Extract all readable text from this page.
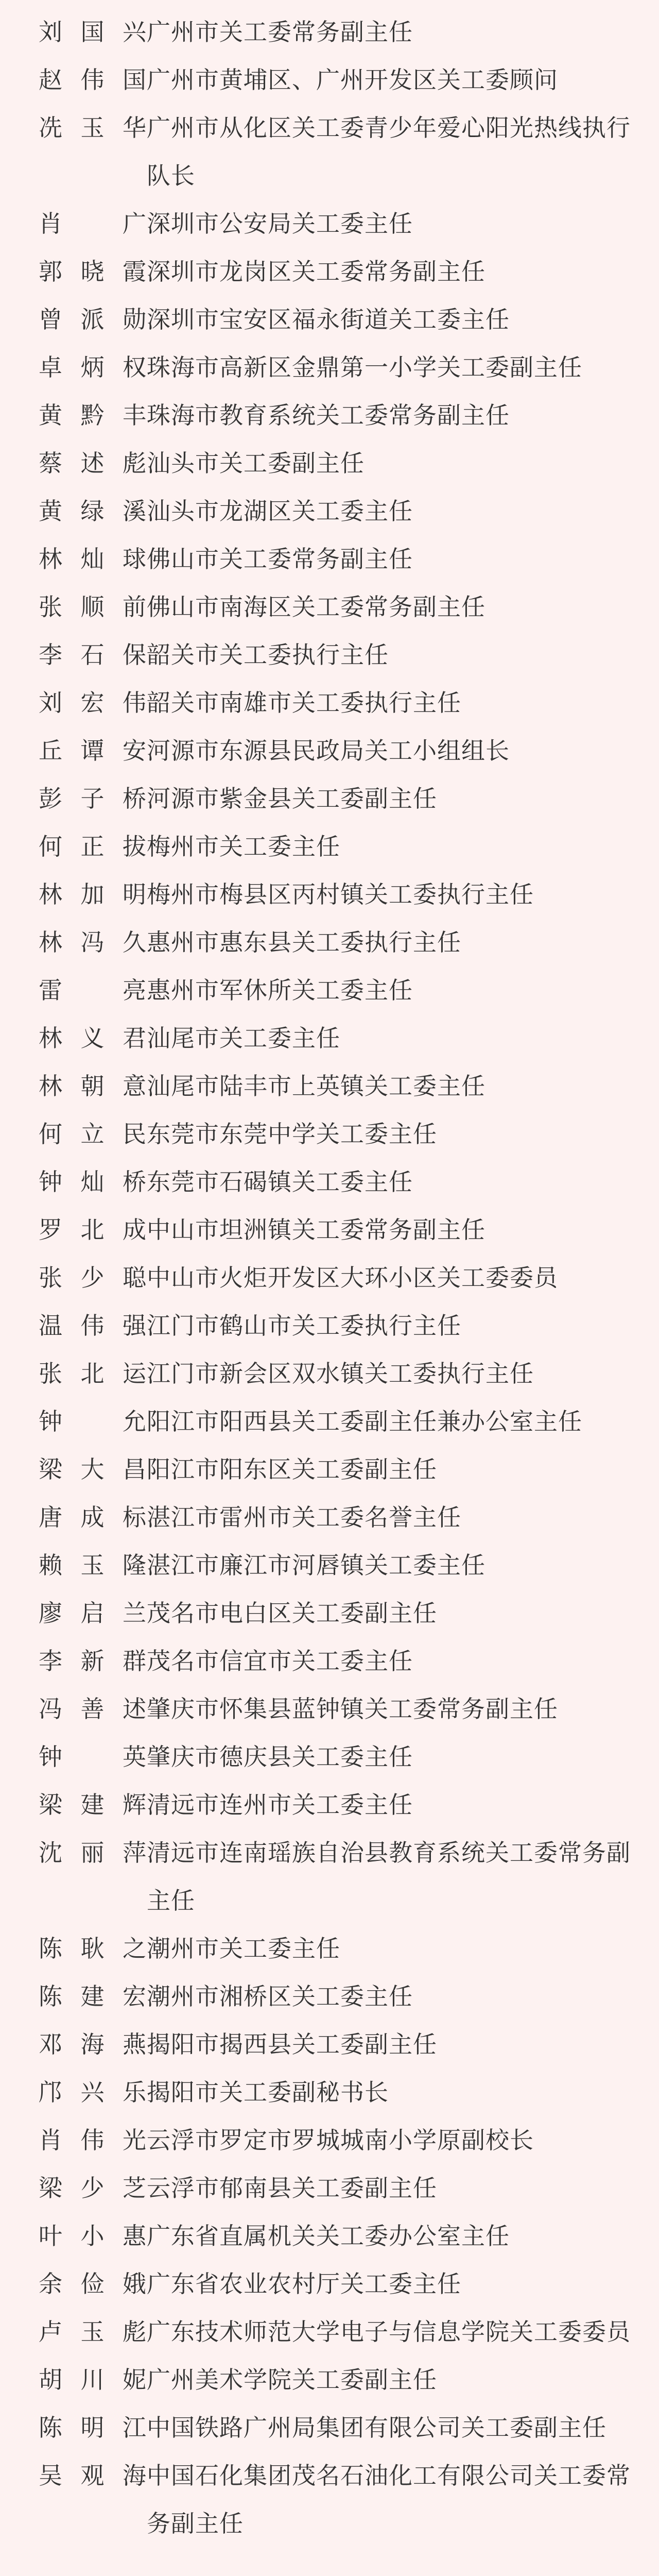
刘国兴 广州市关工委常务副主任
赵伟国 广州市黄埔区、广州开发区关工委顾问
冼玉华 广州市从化区关工委青少年爱心阳光热线执行队长
肖　广 深圳市公安局关工委主任
郭晓霞 深圳市龙岗区关工委常务副主任
曾派勋 深圳市宝安区福永街道关工委主任
卓炳权 珠海市高新区金鼎第一小学关工委副主任
黄黔丰 珠海市教育系统关工委常务副主任
蔡述彪 汕头市关工委副主任
黄绿溪 汕头市龙湖区关工委主任
林灿球 佛山市关工委常务副主任
张顺前 佛山市南海区关工委常务副主任
李石保 韶关市关工委执行主任
刘宏伟 韶关市南雄市关工委执行主任
丘谭安 河源市东源县民政局关工小组组长
彭子桥 河源市紫金县关工委副主任
何正拔 梅州市关工委主任
林加明 梅州市梅县区丙村镇关工委执行主任
林冯久 惠州市惠东县关工委执行主任
雷　亮 惠州市军休所关工委主任
林义君 汕尾市关工委主任
林朝意 汕尾市陆丰市上英镇关工委主任
何立民 东莞市东莞中学关工委主任
钟灿桥 东莞市石碣镇关工委主任
罗北成 中山市坦洲镇关工委常务副主任
张少聪 中山市火炬开发区大环小区关工委委员
温伟强 江门市鹤山市关工委执行主任
张北运 江门市新会区双水镇关工委执行主任
钟　允 阳江市阳西县关工委副主任兼办公室主任
梁大昌 阳江市阳东区关工委副主任
唐成标 湛江市雷州市关工委名誉主任
赖玉隆 湛江市廉江市河唇镇关工委主任
廖启兰 茂名市电白区关工委副主任
李新群 茂名市信宜市关工委主任
冯善述 肇庆市怀集县蓝钟镇关工委常务副主任
钟　英 肇庆市德庆县关工委主任
梁建辉 清远市连州市关工委主任
沈丽萍 清远市连南瑶族自治县教育系统关工委常务副主任
陈耿之 潮州市关工委主任
陈建宏 潮州市湘桥区关工委主任
邓海燕 揭阳市揭西县关工委副主任
邝兴乐 揭阳市关工委副秘书长
肖伟光 云浮市罗定市罗城城南小学原副校长
梁少芝 云浮市郁南县关工委副主任
叶小惠 广东省直属机关关工委办公室主任
余俭娥 广东省农业农村厅关工委主任
卢玉彪 广东技术师范大学电子与信息学院关工委委员
胡川妮 广州美术学院关工委副主任
陈明江 中国铁路广州局集团有限公司关工委副主任
吴观海 中国石化集团茂名石油化工有限公司关工委常务副主任
